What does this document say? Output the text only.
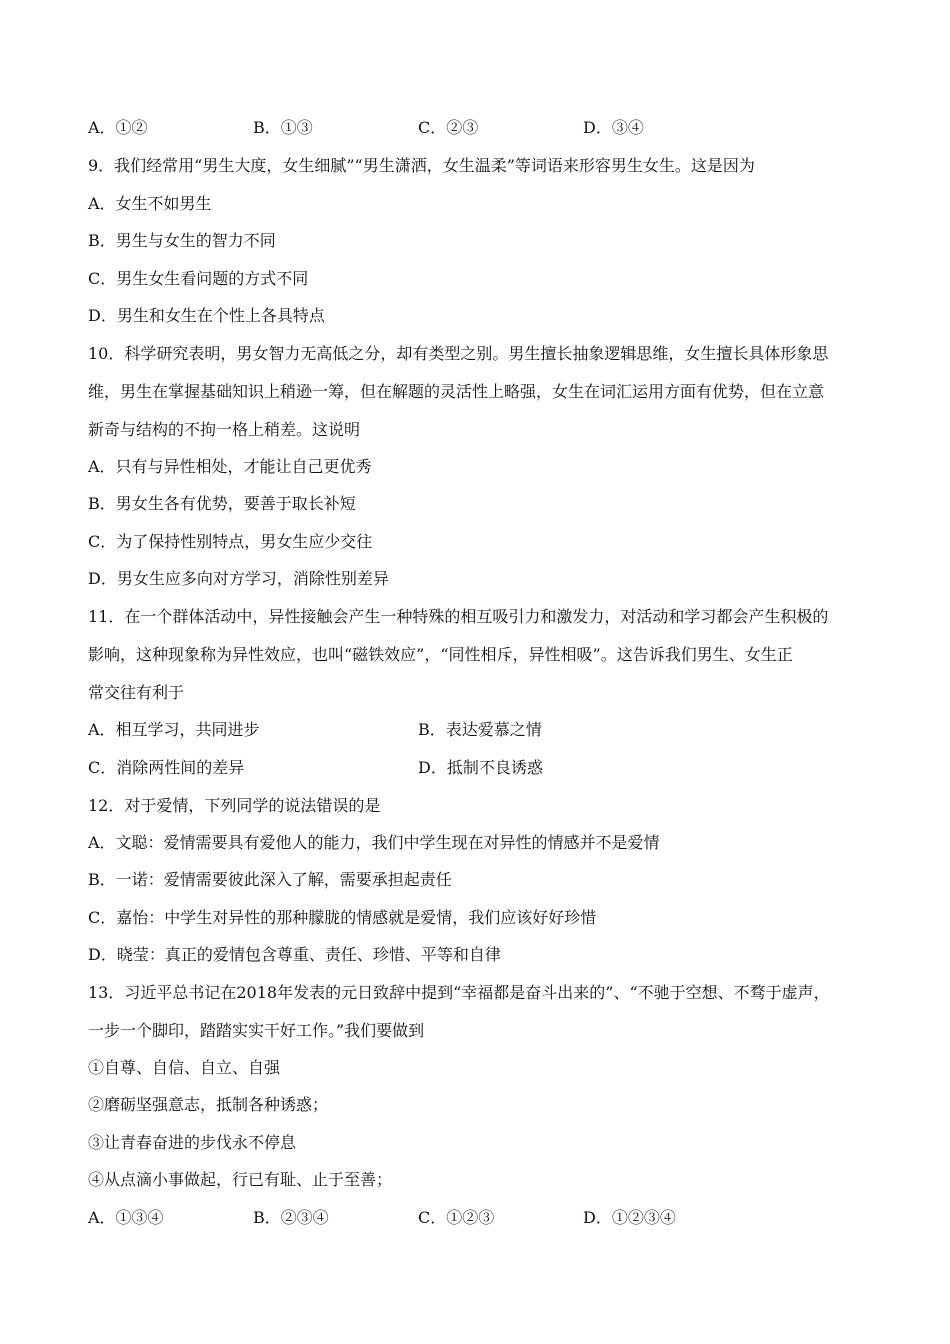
A．①②	B．①③	C．②③	D．③④
9．我们经常用“男生大度，女生细腻”“男生潇洒，女生温柔”等词语来形容男生女生。这是因为
A．女生不如男生
B．男生与女生的智力不同
C．男生女生看问题的方式不同
D．男生和女生在个性上各具特点
10．科学研究表明，男女智力无高低之分，却有类型之别。男生擅长抽象逻辑思维，女生擅长具体形象思
维，男生在掌握基础知识上稍逊一筹，但在解题的灵活性上略强，女生在词汇运用方面有优势，但在立意
新奇与结构的不拘一格上稍差。这说明
A．只有与异性相处，才能让自己更优秀
B．男女生各有优势，要善于取长补短
C．为了保持性别特点，男女生应少交往
D．男女生应多向对方学习，消除性别差异
11．在一个群体活动中，异性接触会产生一种特殊的相互吸引力和激发力，对活动和学习都会产生积极的
影响，这种现象称为异性效应，也叫“磁铁效应”，“同性相斥，异性相吸”。这告诉我们男生、女生正
常交往有利于
A．相互学习，共同进步	B．表达爱慕之情
C．消除两性间的差异	D．抵制不良诱惑
12．对于爱情，下列同学的说法错误的是
A．文聪：爱情需要具有爱他人的能力，我们中学生现在对异性的情感并不是爱情
B．一诺：爱情需要彼此深入了解，需要承担起责任
C．嘉怡：中学生对异性的那种朦胧的情感就是爱情，我们应该好好珍惜
D．晓莹：真正的爱情包含尊重、责任、珍惜、平等和自律
13．习近平总书记在2018年发表的元日致辞中提到“幸福都是奋斗出来的”、“不驰于空想、不骛于虚声，
一步一个脚印，踏踏实实干好工作。”我们要做到
①自尊、自信、自立、自强
②磨砺坚强意志，抵制各种诱惑；
③让青春奋进的步伐永不停息
④从点滴小事做起，行已有耻、止于至善；
A．①③④	B．②③④	C．①②③	D．①②③④
